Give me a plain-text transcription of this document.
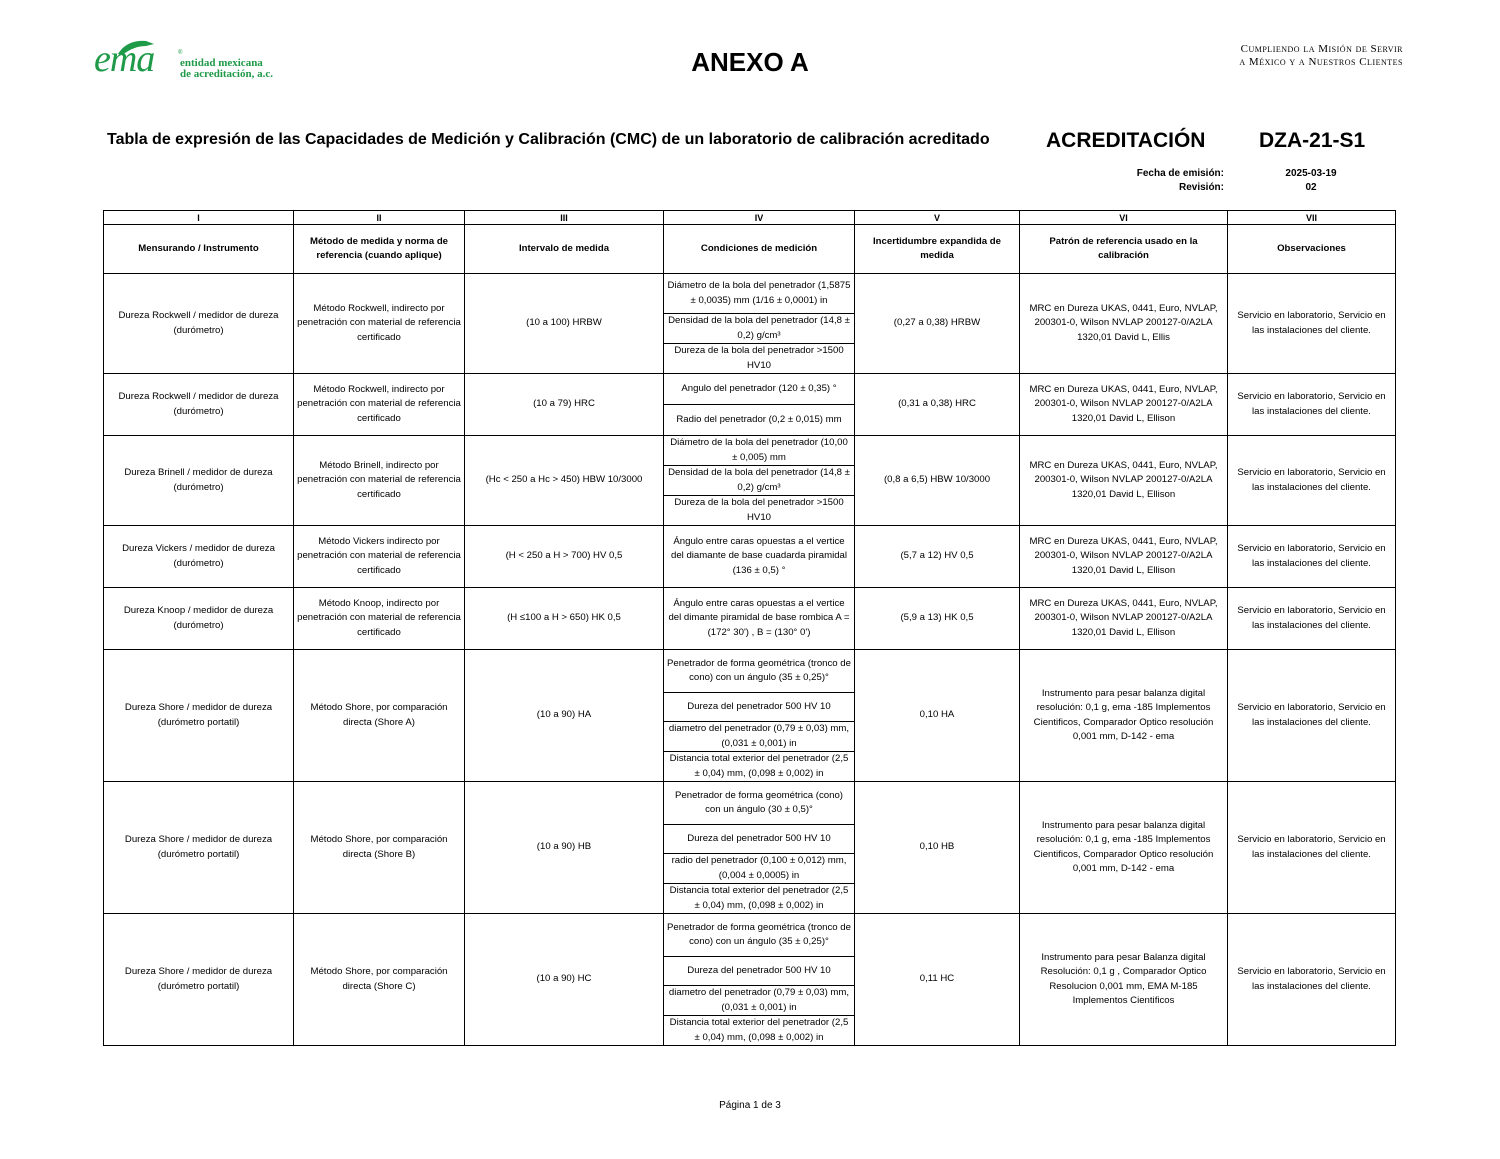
ema	®
entidad mexicana
de acreditación, a.c.	ANEXO A	Cumpliendo la Misión de Servir
a México y a Nuestros Clientes
Tabla de expresión de las Capacidades de Medición y Calibración (CMC) de un laboratorio de calibración acreditado	ACREDITACIÓN	DZA-21-S1
Fecha de emisión:	2025-03-19
Revisión:	02
I	II	III	IV	V	VI	VII
Mensurando / Instrumento	Método de medida y norma de referencia (cuando aplique)	Intervalo de medida	Condiciones de medición	Incertidumbre expandida de medida	Patrón de referencia usado en la calibración	Observaciones
Dureza Rockwell / medidor de dureza (durómetro)	Método Rockwell, indirecto por penetración con material de referencia certificado	(10 a 100) HRBW	Diámetro de la bola del penetrador (1,5875 ± 0,0035) mm (1/16 ± 0,0001) in	(0,27 a 0,38) HRBW	MRC en Dureza UKAS, 0441, Euro, NVLAP, 200301-0, Wilson NVLAP 200127-0/A2LA 1320,01 David L, Ellis	Servicio en laboratorio, Servicio en las instalaciones del cliente.
			Densidad de la bola del penetrador (14,8 ± 0,2) g/cm³			
			Dureza de la bola del penetrador >1500 HV10			
Dureza Rockwell / medidor de dureza (durómetro)	Método Rockwell, indirecto por penetración con material de referencia certificado	(10 a 79) HRC	Angulo del penetrador (120 ± 0,35) °	(0,31 a 0,38) HRC	MRC en Dureza UKAS, 0441, Euro, NVLAP, 200301-0, Wilson NVLAP 200127-0/A2LA 1320,01 David L, Ellison	Servicio en laboratorio, Servicio en las instalaciones del cliente.
			Radio del penetrador (0,2 ± 0,015) mm			
Dureza Brinell / medidor de dureza (durómetro)	Método Brinell, indirecto por penetración con material de referencia certificado	(Hc < 250 a Hc > 450) HBW 10/3000	Diámetro de la bola del penetrador (10,00 ± 0,005) mm	(0,8 a 6,5) HBW 10/3000	MRC en Dureza UKAS, 0441, Euro, NVLAP, 200301-0, Wilson NVLAP 200127-0/A2LA 1320,01 David L, Ellison	Servicio en laboratorio, Servicio en las instalaciones del cliente.
			Densidad de la bola del penetrador (14,8 ± 0,2) g/cm³			
			Dureza de la bola del penetrador >1500 HV10			
Dureza Vickers / medidor de dureza (durómetro)	Método Vickers indirecto por penetración con material de referencia certificado	(H < 250 a H > 700) HV 0,5	Ángulo entre caras opuestas a el vertice del diamante de base cuadarda piramidal (136 ± 0,5) °	(5,7 a 12) HV 0,5	MRC en Dureza UKAS, 0441, Euro, NVLAP, 200301-0, Wilson NVLAP 200127-0/A2LA 1320,01 David L, Ellison	Servicio en laboratorio, Servicio en las instalaciones del cliente.
Dureza Knoop / medidor de dureza (durómetro)	Método Knoop, indirecto por penetración con material de referencia certificado	(H ≤100 a H > 650) HK 0,5	Ángulo entre caras opuestas a el vertice del dimante piramidal de base rombica A = (172° 30') , B = (130° 0')	(5,9 a 13) HK 0,5	MRC en Dureza UKAS, 0441, Euro, NVLAP, 200301-0, Wilson NVLAP 200127-0/A2LA 1320,01 David L, Ellison	Servicio en laboratorio, Servicio en las instalaciones del cliente.
Dureza Shore / medidor de dureza (durómetro portatil)	Método Shore, por comparación directa (Shore A)	(10 a 90) HA	Penetrador de forma geométrica (tronco de cono) con un ángulo (35 ± 0,25)°	0,10 HA	Instrumento para pesar balanza digital resolución: 0,1 g, ema -185 Implementos Cientificos, Comparador Optico resolución 0,001 mm, D-142 - ema	Servicio en laboratorio, Servicio en las instalaciones del cliente.
			Dureza del penetrador 500 HV 10			
			diametro del penetrador (0,79 ± 0,03) mm, (0,031 ± 0,001) in			
			Distancia total exterior del penetrador (2,5 ± 0,04) mm, (0,098 ± 0,002) in			
Dureza Shore / medidor de dureza (durómetro portatil)	Método Shore, por comparación directa (Shore B)	(10 a 90) HB	Penetrador de forma geométrica (cono) con un ángulo (30 ± 0,5)°	0,10 HB	Instrumento para pesar balanza digital resolución: 0,1 g, ema -185 Implementos Cientificos, Comparador Optico resolución 0,001 mm, D-142 - ema	Servicio en laboratorio, Servicio en las instalaciones del cliente.
			Dureza del penetrador 500 HV 10			
			radio del penetrador (0,100 ± 0,012) mm, (0,004 ± 0,0005) in			
			Distancia total exterior del penetrador (2,5 ± 0,04) mm, (0,098 ± 0,002) in			
Dureza Shore / medidor de dureza (durómetro portatil)	Método Shore, por comparación directa (Shore C)	(10 a 90) HC	Penetrador de forma geométrica (tronco de cono) con un ángulo (35 ± 0,25)°	0,11 HC	Instrumento para pesar Balanza digital Resolución: 0,1 g , Comparador Optico Resolucion 0,001 mm, EMA M-185 Implementos Cientificos	Servicio en laboratorio, Servicio en las instalaciones del cliente.
			Dureza del penetrador 500 HV 10			
			diametro del penetrador (0,79 ± 0,03) mm, (0,031 ± 0,001) in			
			Distancia total exterior del penetrador (2,5 ± 0,04) mm, (0,098 ± 0,002) in			
Página 1 de 3
